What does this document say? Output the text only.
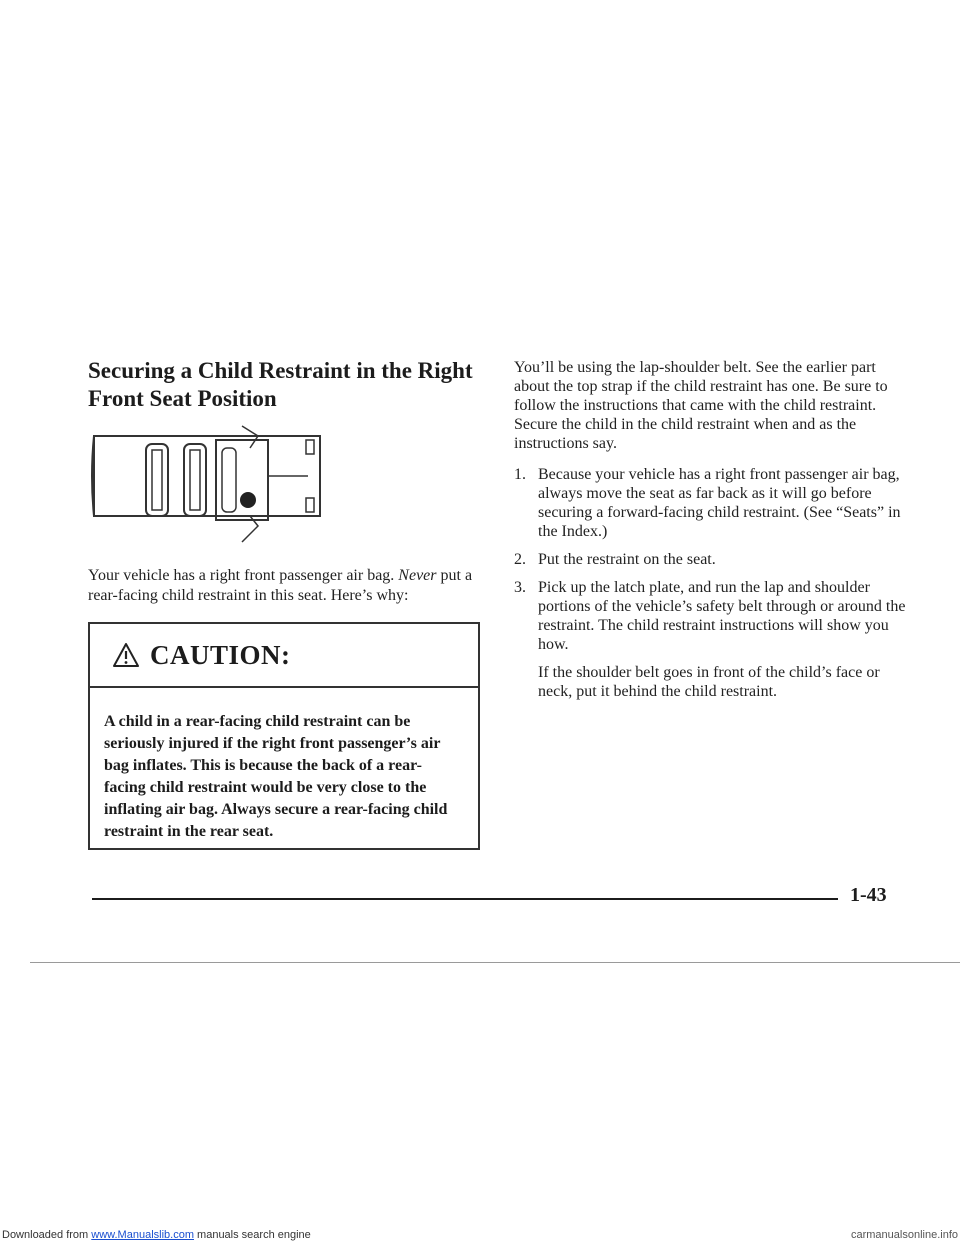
Securing a Child Restraint in the Right Front Seat Position

Your vehicle has a right front passenger air bag. Never put a rear-facing child restraint in this seat. Here’s why:

CAUTION:

A child in a rear-facing child restraint can be seriously injured if the right front passenger’s air bag inflates. This is because the back of a rear-facing child restraint would be very close to the inflating air bag. Always secure a rear-facing child restraint in the rear seat.

You’ll be using the lap-shoulder belt. See the earlier part about the top strap if the child restraint has one. Be sure to follow the instructions that came with the child restraint. Secure the child in the child restraint when and as the instructions say.

1. Because your vehicle has a right front passenger air bag, always move the seat as far back as it will go before securing a forward-facing child restraint. (See “Seats” in the Index.)
2. Put the restraint on the seat.
3. Pick up the latch plate, and run the lap and shoulder portions of the vehicle’s safety belt through or around the restraint. The child restraint instructions will show you how.

If the shoulder belt goes in front of the child’s face or neck, put it behind the child restraint.

1-43
Downloaded from www.Manualslib.com manuals search engine	carmanualsonline.info
